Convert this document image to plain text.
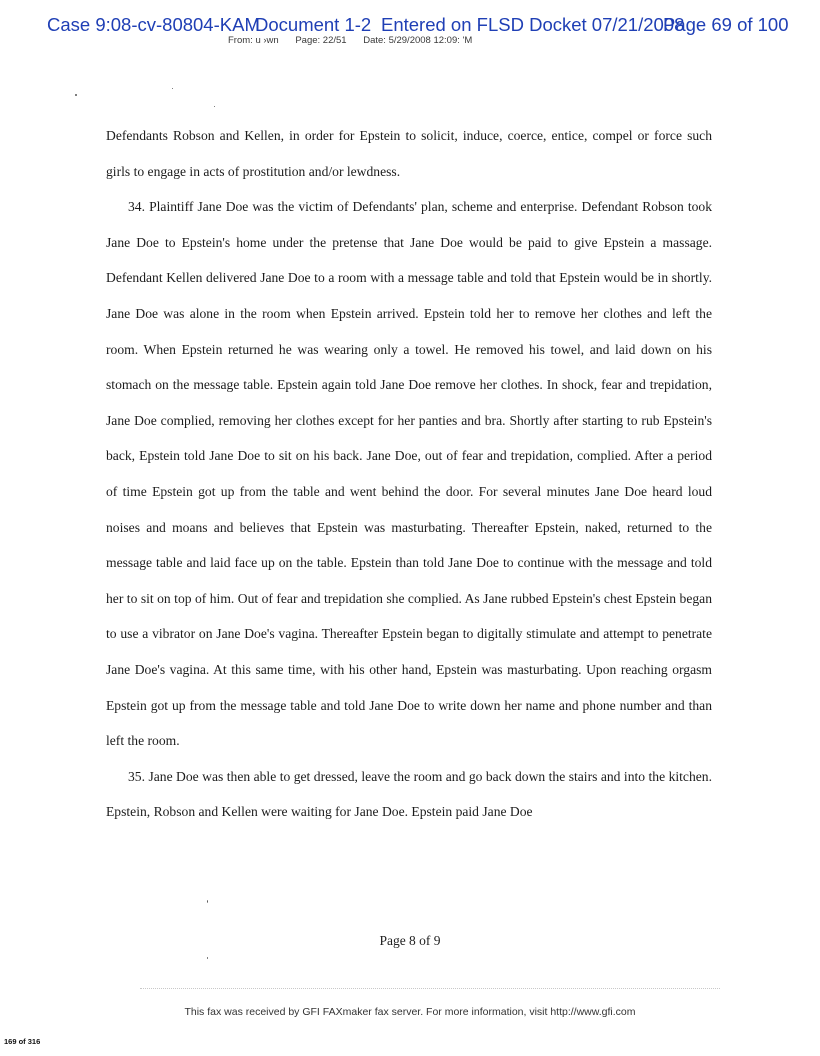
Case 9:08-cv-80804-KAM
Document 1-2 Entered on FLSD Docket 07/21/2008
Page 69 of 100
From: u ›wn Page: 22/51 Date: 5/29/2008 12:09: 'M

Defendants Robson and Kellen, in order for Epstein to solicit, induce, coerce, entice, compel or force such girls to engage in acts of prostitution and/or lewdness.

34. Plaintiff Jane Doe was the victim of Defendants' plan, scheme and enterprise. Defendant Robson took Jane Doe to Epstein's home under the pretense that Jane Doe would be paid to give Epstein a massage. Defendant Kellen delivered Jane Doe to a room with a message table and told that Epstein would be in shortly. Jane Doe was alone in the room when Epstein arrived. Epstein told her to remove her clothes and left the room. When Epstein returned he was wearing only a towel. He removed his towel, and laid down on his stomach on the message table. Epstein again told Jane Doe remove her clothes. In shock, fear and trepidation, Jane Doe complied, removing her clothes except for her panties and bra. Shortly after starting to rub Epstein's back, Epstein told Jane Doe to sit on his back. Jane Doe, out of fear and trepidation, complied. After a period of time Epstein got up from the table and went behind the door. For several minutes Jane Doe heard loud noises and moans and believes that Epstein was masturbating. Thereafter Epstein, naked, returned to the message table and laid face up on the table. Epstein than told Jane Doe to continue with the message and told her to sit on top of him. Out of fear and trepidation she complied. As Jane rubbed Epstein's chest Epstein began to use a vibrator on Jane Doe's vagina. Thereafter Epstein began to digitally stimulate and attempt to penetrate Jane Doe's vagina. At this same time, with his other hand, Epstein was masturbating. Upon reaching orgasm Epstein got up from the message table and told Jane Doe to write down her name and phone number and than left the room.

35. Jane Doe was then able to get dressed, leave the room and go back down the stairs and into the kitchen. Epstein, Robson and Kellen were waiting for Jane Doe. Epstein paid Jane Doe

Page 8 of 9
This fax was received by GFI FAXmaker fax server. For more information, visit http://www.gfi.com
169 of 316
